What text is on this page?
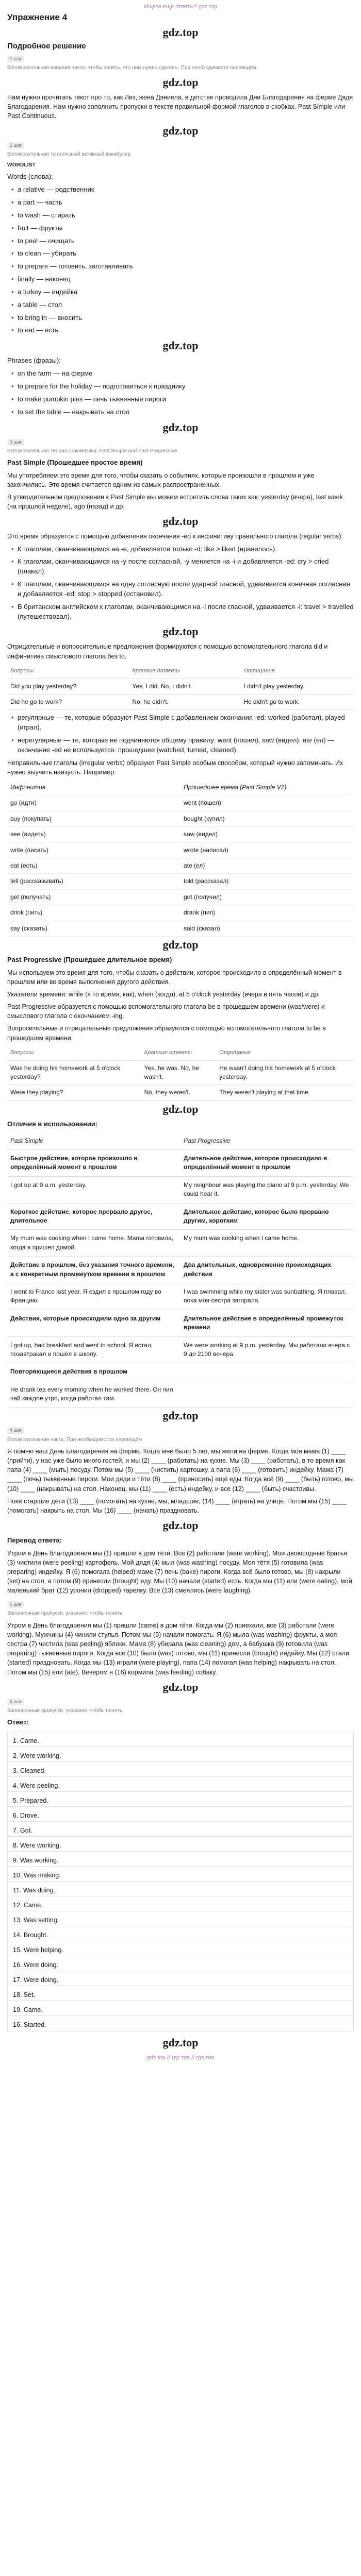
Ищете ещё ответы? gdz.top
Упражнение 4
gdz.top
Подробное решение
1 шаг
Вспомогательная вводная часть: чтобы понять, что нам нужно сделать. При необходимости переведём.
gdz.top

Нам нужно прочитать текст про то, как Лиз, жена Дэниела, в детстве проводила Дни Благодарения на ферме Дядя Благодарения. Нам нужно заполнить пропуски в тексте правильной формой глаголов в скобках. Past Simple или Past Continuous.

gdz.top
2 шаг
Вспомогательная то полезный активный вокабуляр
WORDLIST

Words (слова):

• a relative — родственник
• a part — часть
• to wash — стирать
• fruit — фрукты
• to peel — очищать
• to clean — убирать
• to prepare — готовить, заготавливать
• finally — наконец
• a turkey — индейка
• a table — стол
• to bring in — вносить
• to eat — есть
gdz.top

Phrases (фразы):

• on the farm — на ферме
• to prepare for the holiday — подготовиться к празднику
• to make pumpkin pies — печь тыквенные пироги
• to set the table — накрывать на стол
gdz.top
3 шаг
Вспомогательная теория грамматики: Past Simple and Past Progressive

Past Simple (Прошедшее простое время)

Мы употребляем это время для того, чтобы сказать о событиях, которые произошли в прошлом и уже закончились. Это время считается одним из самых распространенных.

В утвердительном предложении к Past Simple мы можем встретить слова таких как: yesterday (вчера), last week (на прошлой неделе), ago (назад) и др.

gdz.top

Это время образуется с помощью добавления окончания -ed к инфинитиву правильного глагола (regular verbs):

• К глаголам, оканчивающимся на -е, добавляется только -d: like > liked (нравилось).
• К глаголам, оканчивающимся на -у после согласной, -у меняется на -i и добавляется -ed: cry > cried (плакал).
• К глаголам, оканчивающимся на одну согласную после ударной гласной, удваивается конечная согласная и добавляется -ed: stop > stopped (остановил).
• В британском английском к глаголам, оканчивающимся на -l после гласной, удваивается -l: travel > travelled (путешествовал).
gdz.top

Отрицательные и вопросительные предложения формируются с помощью вспомогательного глагола did и инфинитива смыслового глагола без to.

Вопросы	Краткие ответы	Отрицание
Did you play yesterday?	Yes, I did. No, I didn't.	I didn't play yesterday.
Did he go to work?	No, he didn't.	He didn't go to work.
• регулярные — те, которые образуют Past Simple с добавлением окончания -ed: worked (работал), played (играл).
• нерегулярные — те, которые не подчиняются общему правилу: went (пошел), saw (видел), ate (ел) — окончание -ed не используется: прошедшее (watched, turned, cleaned).

Неправильные глаголы (irregular verbs) образуют Past Simple особым способом, который нужно запоминать. Их нужно выучить наизусть. Например:

Инфинитив	Прошедшее время (Past Simple V2)
go (идти)	went (пошел)
buy (покупать)	bought (купил)
see (видеть)	saw (видел)
write (писать)	wrote (написал)
eat (есть)	ate (ел)
tell (рассказывать)	told (рассказал)
get (получать)	got (получил)
drink (пить)	drank (пил)
say (сказать)	said (сказал)
gdz.top

Past Progressive (Прошедшее длительное время)

Мы используем это время для того, чтобы сказать о действии, которое происходило в определённый момент в прошлом или во время выполнения другого действия.

Указатели времени: while (в то время, как), when (когда), at 5 o'clock yesterday (вчера в пять часов) и др.

Past Progressive образуется с помощью вспомогательного глагола be в прошедшем времени (was/were) и смыслового глагола с окончанием -ing.

Вопросительные и отрицательные предложения образуются с помощью вспомогательного глагола to be в прошедшем времени.

Вопросы	Краткие ответы	Отрицание
Was he doing his homework at 5 o'clock yesterday?	Yes, he was. No, he wasn't.	He wasn't doing his homework at 5 o'clock yesterday.
Were they playing?	No, they weren't.	They weren't playing at that time.
gdz.top

Отличия в использовании:

Past Simple	Past Progressive
Быстрое действие, которое произошло в определённый момент в прошлом	Длительное действие, которое происходило в определённый момент в прошлом
I got up at 9 a.m. yesterday.	My neighbour was playing the piano at 9 p.m. yesterday. We could hear it.
Короткое действие, которое прервало другое, длительное	Длительное действие, которое было прервано другим, коротким
My mum was cooking when I came home. Mama готовила, когда я пришел домой.	My mum was cooking when I came home.
Действие в прошлом, без указания точного времени, а с конкретным промежутком времени в прошлом	Два длительных, одновременно происходящих действия
I went to France last year. Я ездил в прошлом году во Францию.	I was swimming while my sister was sunbathing. Я плавал, пока моя сестра загорала.
Действия, которые происходили одно за другим	Длительное действие в определённый промежуток времени
I got up, had breakfast and went to school. Я встал, позавтракал и пошёл в школу.	We were working at 9 p.m. yesterday. Мы работали вчера с 9 до 2100 вечера.
Повторяющиеся действия в прошлом	
He drank tea every morning when he worked there. Он пил чай каждое утро, когда работал там.	
gdz.top
4 шаг
Вспомогательная часть: При необходимости переведём

Я помню наш День Благодарения на ферме. Когда мне было 5 лет, мы жили на ферме. Когда моя мама (1) ____ (прийти), у нас уже было много гостей, и мы (2) ____ (работать) на кухне. Мы (3) ____ (работать), в то время как папа (4) ____ (мыть) посуду. Потом мы (5) ____ (чистить) картошку, а папа (6) ____ (готовить) индейку. Мама (7) ____ (печь) тыквенные пироги. Мои дяди и тёти (8) ____ (приносить) ещё еды. Когда всё (9) ____ (быть) готово, мы (10) ____ (накрывать) на стол. Наконец, мы (11) ____ (есть) индейку, и все (12) ____ (быть) счастливы.

Пока старшие дети (13) ____ (помогать) на кухне, мы, младшие, (14) ____ (играть) на улице. Потом мы (15) ____ (помогать) накрыть на стол. Мы (16) ____ (начать) праздновать.

gdz.top

Перевод ответа:

Утром в День благодарения мы (1) пришли в дом тёти. Все (2) работали (were working). Мои двоюродные братья (3) чистили (were peeling) картофель. Мой дядя (4) мыл (was washing) посуду. Моя тётя (5) готовила (was preparing) индейку. Я (6) помогала (helped) маме (7) печь (bake) пироги. Когда всё было готово, мы (8) накрыли (set) на стол, а потом (9) принесли (brought) еду. Мы (10) начали (started) есть. Когда мы (11) ели (were eating), мой маленький брат (12) уронил (dropped) тарелку. Все (13) смеялись (were laughing).

5 шаг
Заполненные пропуски, указание, чтобы понять

Утром в День благодарения мы (1) пришли (came) в дом тёти. Когда мы (2) приехали, все (3) работали (were working). Мужчины (4) чинили стулья. Потом мы (5) начали помогать. Я (6) мыла (was washing) фрукты, а моя сестра (7) чистила (was peeling) яблоки. Мама (8) убирала (was cleaning) дом, а бабушка (9) готовила (was preparing) тыквенные пироги. Когда всё (10) было (was) готово, мы (11) принесли (brought) индейку. Мы (12) стали (started) праздновать. Когда мы (13) играли (were playing), папа (14) помогал (was helping) накрывать на стол. Потом мы (15) ели (ate). Вечером я (16) кормила (was feeding) собаку.

gdz.top
6 шаг
Заполненные пропуски, указание, чтобы понять

Ответ:

1. Came.
2. Were working.
3. Cleaned.
4. Were peeling.
5. Prepared.
6. Drove.
7. Got.
8. Were working.
9. Was working.
10. Was making.
11. Was doing.
12. Came.
13. Was setting.
14. Brought.
15. Were helping.
16. Were doing.
17. Were doing.
18. Set.
19. Came.
16. Started.
gdz.top
gdz.top // гдз топ // гдз.топ
